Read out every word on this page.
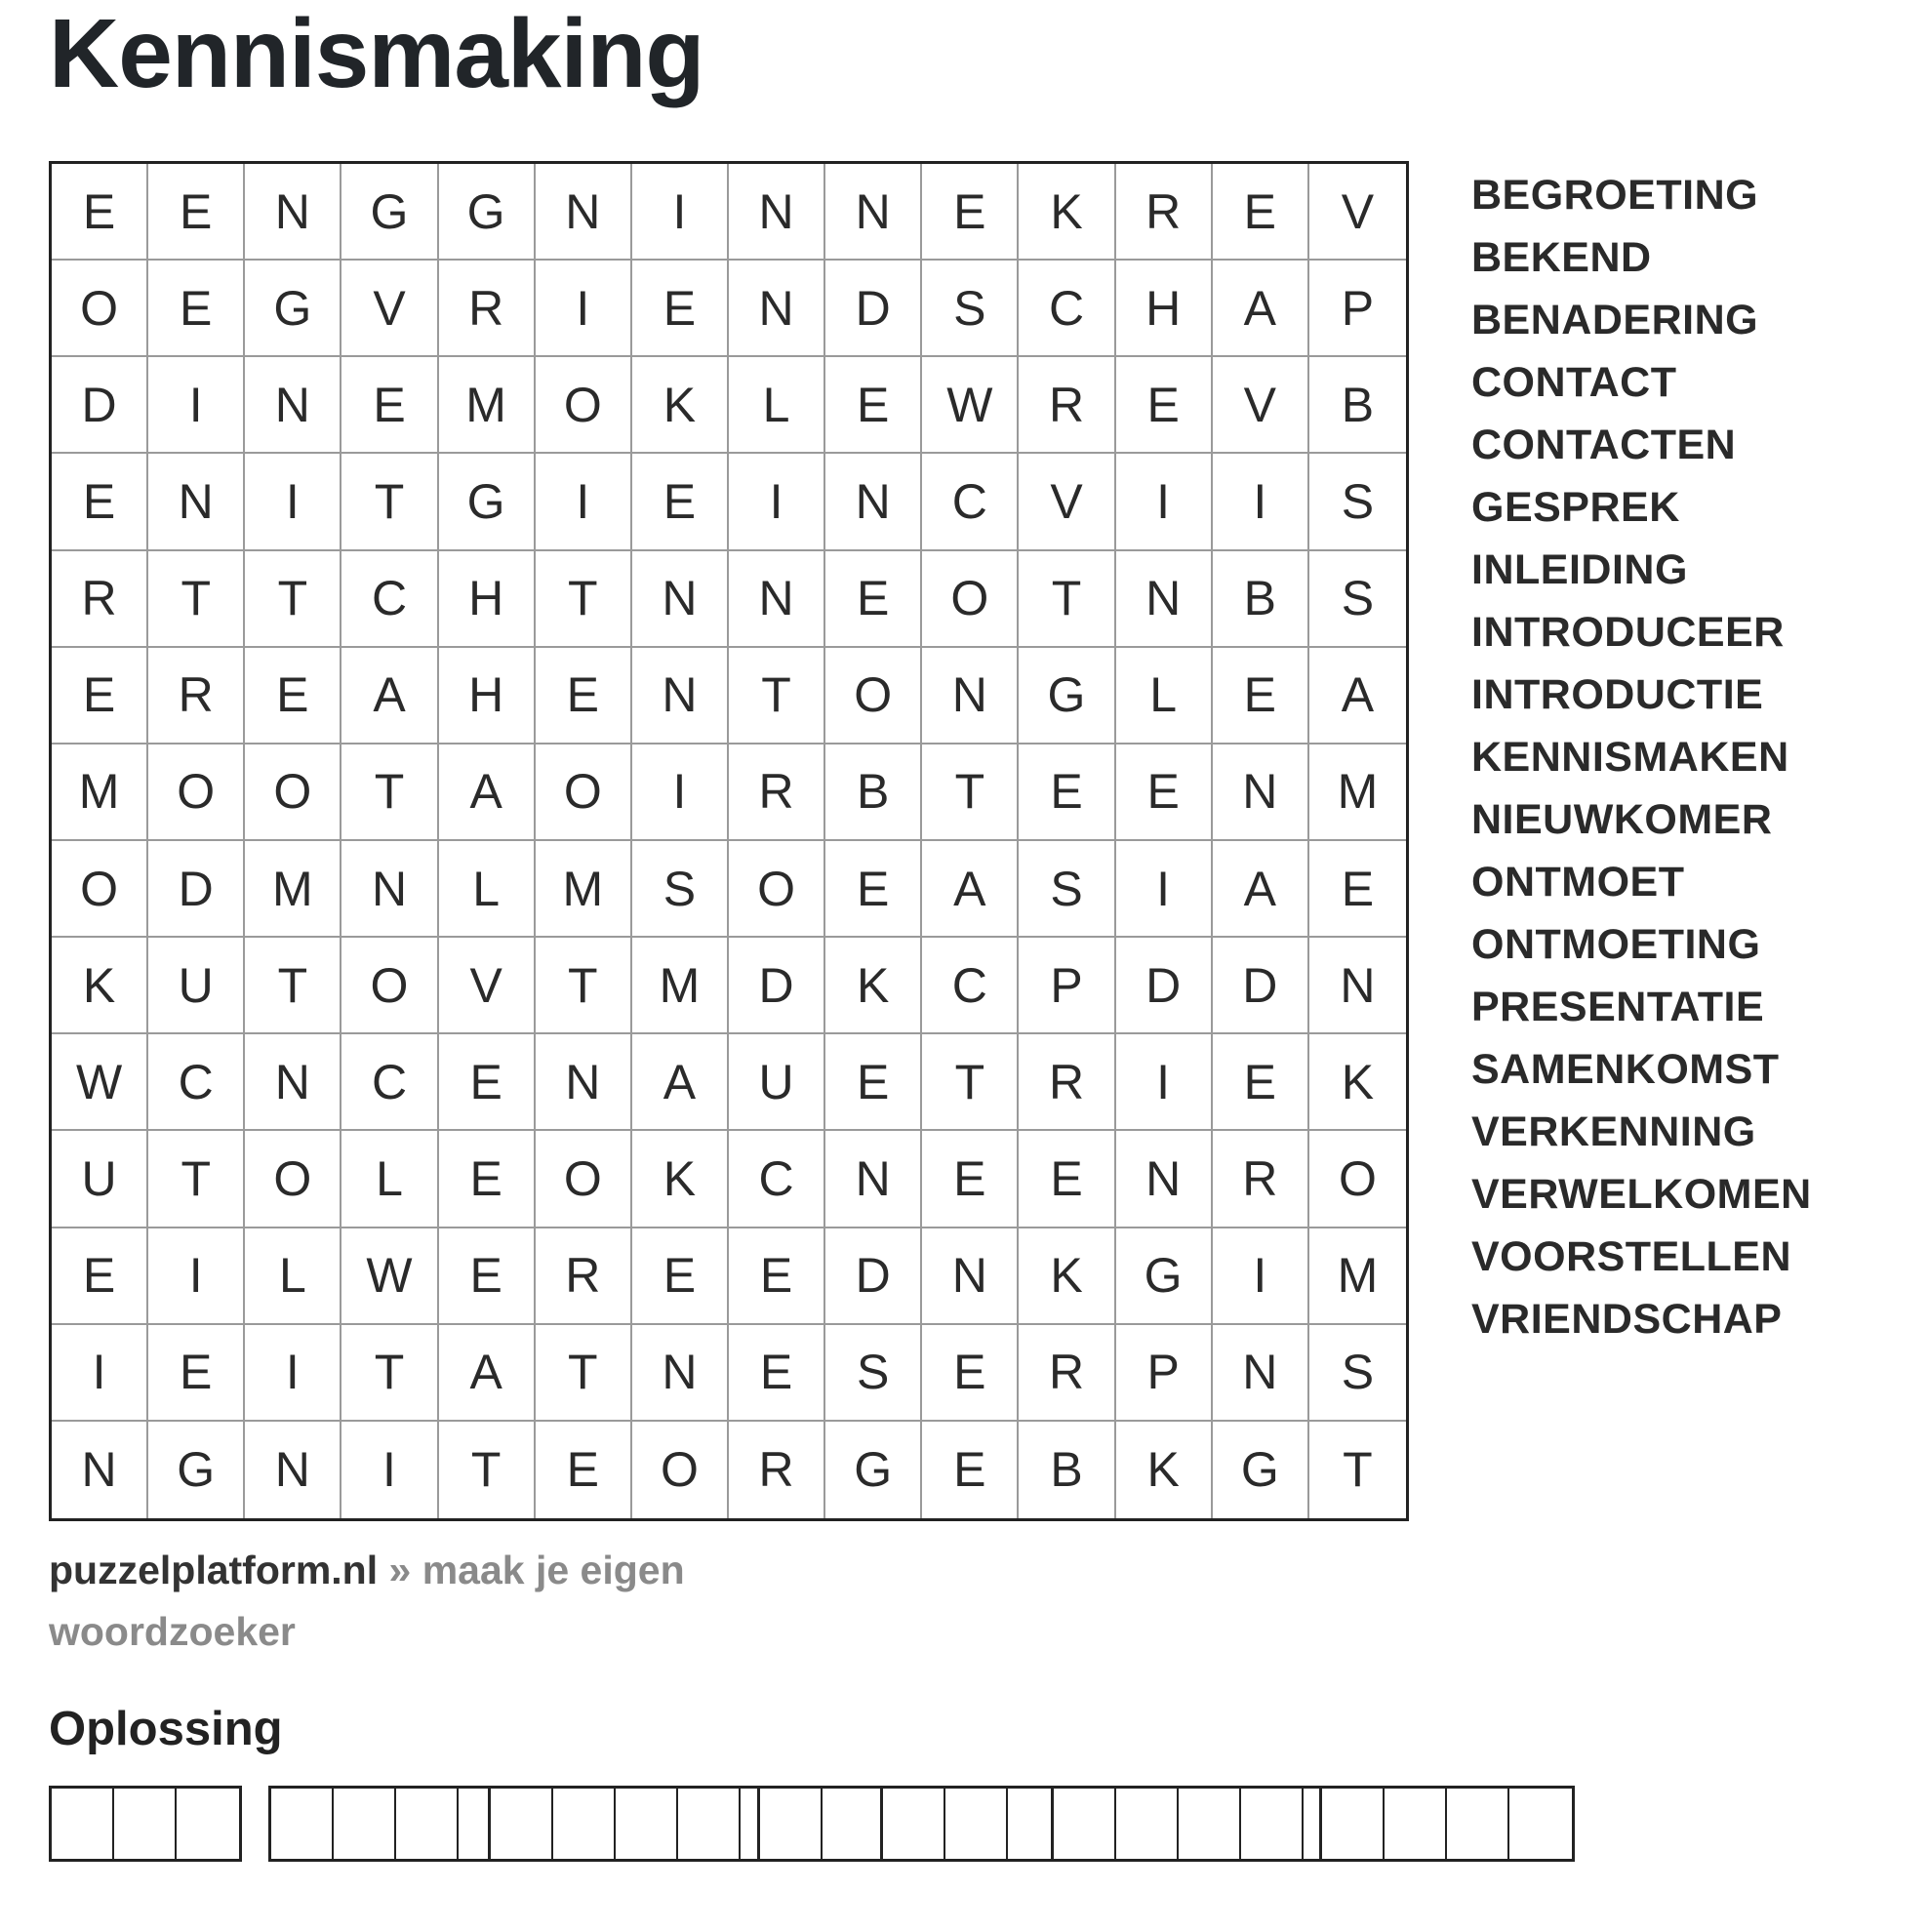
Kennismaking
E	E	N	G	G	N	I	N	N	E	K	R	E	V
O	E	G	V	R	I	E	N	D	S	C	H	A	P
D	I	N	E	M	O	K	L	E	W	R	E	V	B
E	N	I	T	G	I	E	I	N	C	V	I	I	S
R	T	T	C	H	T	N	N	E	O	T	N	B	S
E	R	E	A	H	E	N	T	O	N	G	L	E	A
M	O	O	T	A	O	I	R	B	T	E	E	N	M
O	D	M	N	L	M	S	O	E	A	S	I	A	E
K	U	T	O	V	T	M	D	K	C	P	D	D	N
W	C	N	C	E	N	A	U	E	T	R	I	E	K
U	T	O	L	E	O	K	C	N	E	E	N	R	O
E	I	L	W	E	R	E	E	D	N	K	G	I	M
I	E	I	T	A	T	N	E	S	E	R	P	N	S
N	G	N	I	T	E	O	R	G	E	B	K	G	T
BEGROETING
BEKEND
BENADERING
CONTACT
CONTACTEN
GESPREK
INLEIDING
INTRODUCEER
INTRODUCTIE
KENNISMAKEN
NIEUWKOMER
ONTMOET
ONTMOETING
PRESENTATIE
SAMENKOMST
VERKENNING
VERWELKOMEN
VOORSTELLEN
VRIENDSCHAP
puzzelplatform.nl » maak je eigen woordzoeker
Oplossing
